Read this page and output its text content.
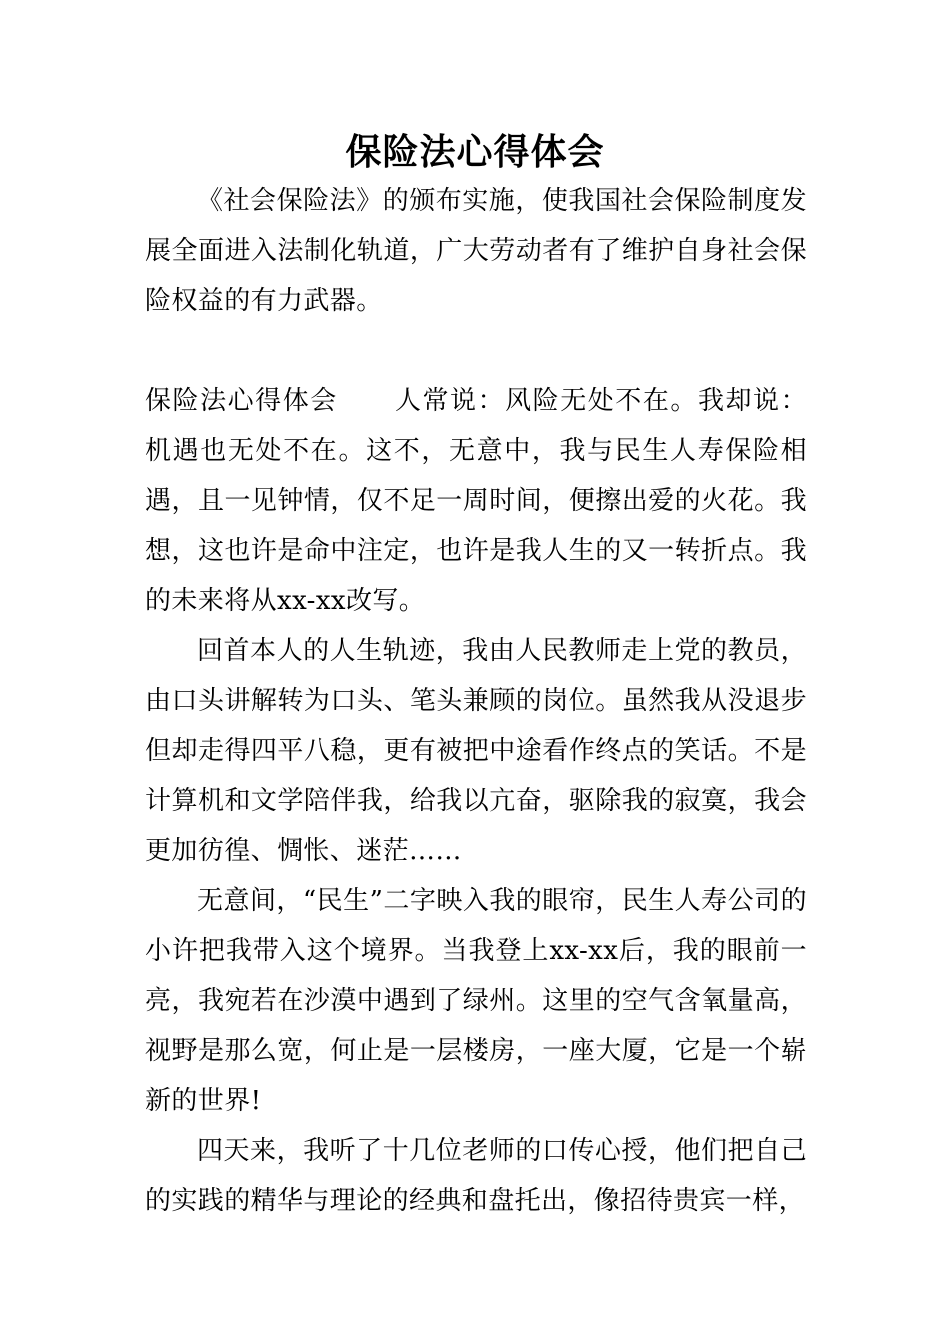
保险法心得体会

《社会保险法》的颁布实施，使我国社会保险制度发展全面进入法制化轨道，广大劳动者有了维护自身社会保险权益的有力武器。

保险法心得体会 人常说：风险无处不在。我却说：机遇也无处不在。这不，无意中，我与民生人寿保险相遇，且一见钟情，仅不足一周时间，便擦出爱的火花。我想，这也许是命中注定，也许是我人生的又一转折点。我的未来将从xx-xx改写。

回首本人的人生轨迹，我由人民教师走上党的教员，由口头讲解转为口头、笔头兼顾的岗位。虽然我从没退步但却走得四平八稳，更有被把中途看作终点的笑话。不是计算机和文学陪伴我，给我以亢奋，驱除我的寂寞，我会更加彷徨、惆怅、迷茫……

无意间，“民生”二字映入我的眼帘，民生人寿公司的小许把我带入这个境界。当我登上xx-xx后，我的眼前一亮，我宛若在沙漠中遇到了绿州。这里的空气含氧量高，视野是那么宽，何止是一层楼房，一座大厦，它是一个崭新的世界!

四天来，我听了十几位老师的口传心授，他们把自己的实践的精华与理论的经典和盘托出，像招待贵宾一样，
